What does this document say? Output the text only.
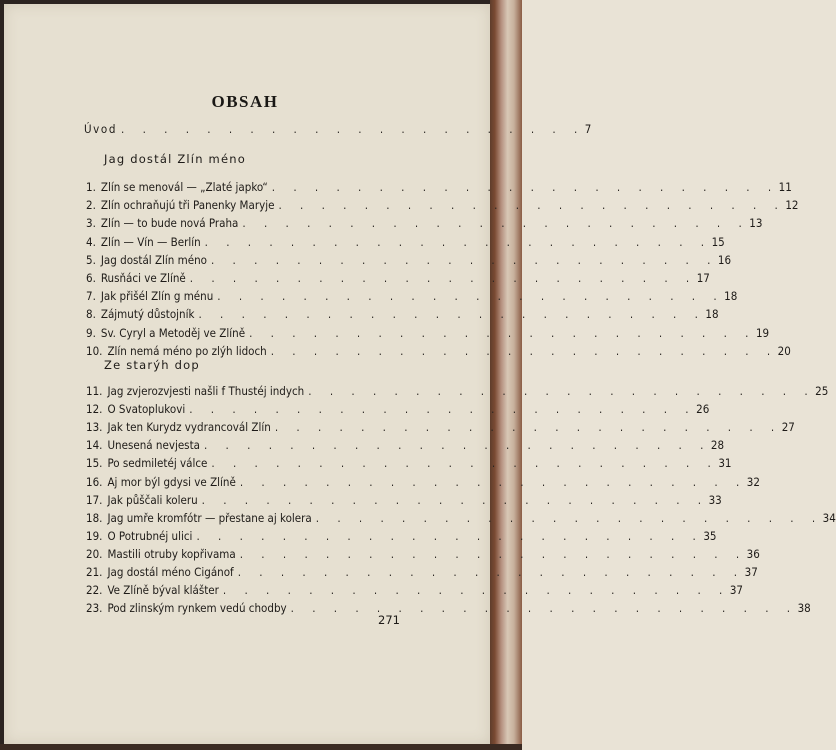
OBSAH
Úvod . . . . . . . . . . . . . . . . . . . . . . 7
Jag dostál Zlín méno
1. Zlín se menovál — „Zlaté japko“ . . . . . . . . . . . . . . . . . . . . . . . . 11
2. Zlín ochraňujú tři Panenky Maryje . . . . . . . . . . . . . . . . . . . . . . . . 12
3. Zlín — to bude nová Praha . . . . . . . . . . . . . . . . . . . . . . . . 13
4. Zlín — Vín — Berlín . . . . . . . . . . . . . . . . . . . . . . . . 15
5. Jag dostál Zlín méno . . . . . . . . . . . . . . . . . . . . . . . . 16
6. Rusňáci ve Zlíně . . . . . . . . . . . . . . . . . . . . . . . . 17
7. Jak přišél Zlín g ménu . . . . . . . . . . . . . . . . . . . . . . . . 18
8. Zájmutý důstojník . . . . . . . . . . . . . . . . . . . . . . . . 18
9. Sv. Cyryl a Metoděj ve Zlíně . . . . . . . . . . . . . . . . . . . . . . . . 19
10. Zlín nemá méno po zlýh lidoch . . . . . . . . . . . . . . . . . . . . . . . . 20
Ze starýh dop
11. Jag zvjerozvjesti našli f Thustéj indych . . . . . . . . . . . . . . . . . . . . . . . . 25
12. O Svatoplukovi . . . . . . . . . . . . . . . . . . . . . . . . 26
13. Jak ten Kurydz vydrancovál Zlín . . . . . . . . . . . . . . . . . . . . . . . . 27
14. Unesená nevjesta . . . . . . . . . . . . . . . . . . . . . . . . 28
15. Po sedmiletéj válce . . . . . . . . . . . . . . . . . . . . . . . . 31
16. Aj mor býl gdysi ve Zlíně . . . . . . . . . . . . . . . . . . . . . . . . 32
17. Jak půščali koleru . . . . . . . . . . . . . . . . . . . . . . . . 33
18. Jag umře kromfótr — přestane aj kolera . . . . . . . . . . . . . . . . . . . . . . . . 34
19. O Potrubnéj ulici . . . . . . . . . . . . . . . . . . . . . . . . 35
20. Mastili otruby kopřivama . . . . . . . . . . . . . . . . . . . . . . . . 36
21. Jag dostál méno Cigánof . . . . . . . . . . . . . . . . . . . . . . . . 37
22. Ve Zlíně býval klášter . . . . . . . . . . . . . . . . . . . . . . . . 37
23. Pod zlinským rynkem vedú chodby . . . . . . . . . . . . . . . . . . . . . . . . 38
271
